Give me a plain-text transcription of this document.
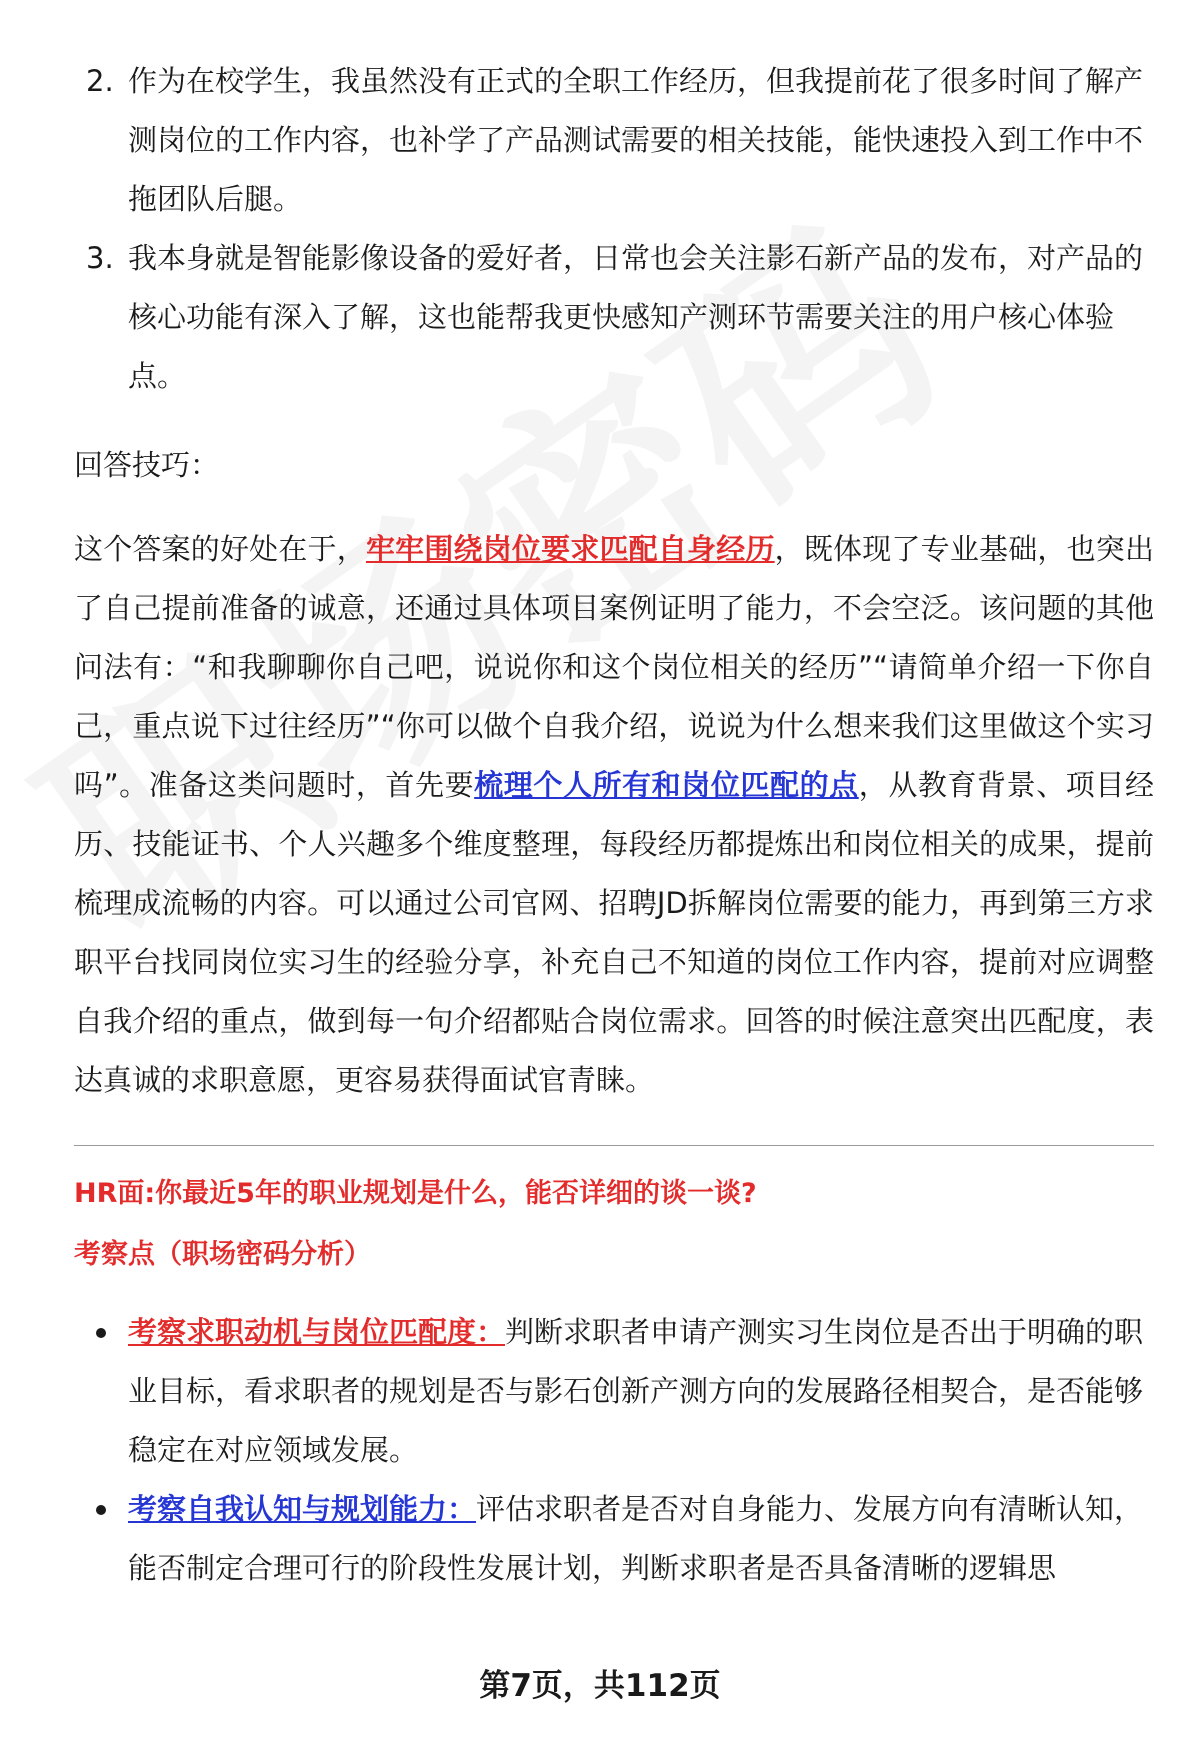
2. 作为在校学生，我虽然没有正式的全职工作经历，但我提前花了很多时间了解产测岗位的工作内容，也补学了产品测试需要的相关技能，能快速投入到工作中不拖团队后腿。
3. 我本身就是智能影像设备的爱好者，日常也会关注影石新产品的发布，对产品的核心功能有深入了解，这也能帮我更快感知产测环节需要关注的用户核心体验点。
回答技巧：

这个答案的好处在于，牢牢围绕岗位要求匹配自身经历，既体现了专业基础，也突出了自己提前准备的诚意，还通过具体项目案例证明了能力，不会空泛。该问题的其他问法有：“和我聊聊你自己吧，说说你和这个岗位相关的经历”“请简单介绍一下你自己，重点说下过往经历”“你可以做个自我介绍，说说为什么想来我们这里做这个实习吗”。准备这类问题时，首先要梳理个人所有和岗位匹配的点，从教育背景、项目经历、技能证书、个人兴趣多个维度整理，每段经历都提炼出和岗位相关的成果，提前梳理成流畅的内容。可以通过公司官网、招聘JD拆解岗位需要的能力，再到第三方求职平台找同岗位实习生的经验分享，补充自己不知道的岗位工作内容，提前对应调整自我介绍的重点，做到每一句介绍都贴合岗位需求。回答的时候注意突出匹配度，表达真诚的求职意愿，更容易获得面试官青睐。

HR面:你最近5年的职业规划是什么，能否详细的谈一谈?
考察点（职场密码分析）
考察求职动机与岗位匹配度：判断求职者申请产测实习生岗位是否出于明确的职业目标，看求职者的规划是否与影石创新产测方向的发展路径相契合，是否能够稳定在对应领域发展。
考察自我认知与规划能力：评估求职者是否对自身能力、发展方向有清晰认知，能否制定合理可行的阶段性发展计划，判断求职者是否具备清晰的逻辑思
第7页，共112页
